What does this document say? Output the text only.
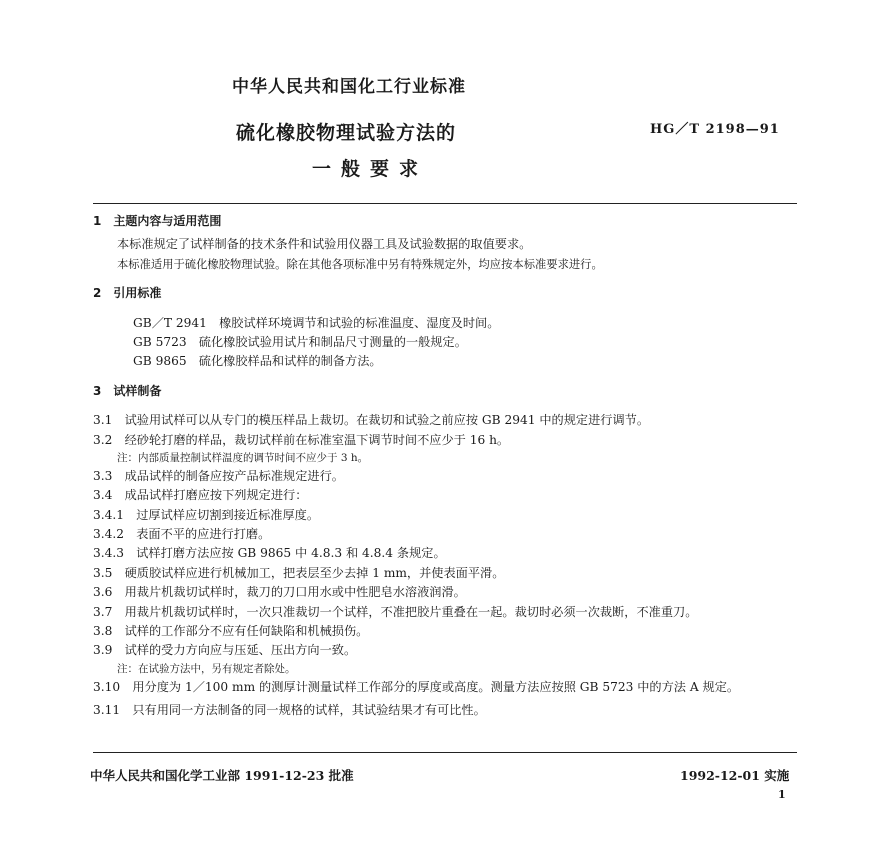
中华人民共和国化工行业标准
硫化橡胶物理试验方法的
一般要求
HG／T 2198—91
1　主题内容与适用范围
本标准规定了试样制备的技术条件和试验用仪器工具及试验数据的取值要求。
本标准适用于硫化橡胶物理试验。除在其他各项标准中另有特殊规定外，均应按本标准要求进行。
2　引用标准
GB／T 2941　橡胶试样环境调节和试验的标准温度、湿度及时间。
GB 5723　硫化橡胶试验用试片和制品尺寸测量的一般规定。
GB 9865　硫化橡胶样品和试样的制备方法。
3　试样制备
3.1　试验用试样可以从专门的模压样品上裁切。在裁切和试验之前应按 GB 2941 中的规定进行调节。
3.2　经砂轮打磨的样品，裁切试样前在标准室温下调节时间不应少于 16 h。
注：内部质量控制试样温度的调节时间不应少于 3 h。
3.3　成品试样的制备应按产品标准规定进行。
3.4　成品试样打磨应按下列规定进行：
3.4.1　过厚试样应切割到接近标准厚度。
3.4.2　表面不平的应进行打磨。
3.4.3　试样打磨方法应按 GB 9865 中 4.8.3 和 4.8.4 条规定。
3.5　硬质胶试样应进行机械加工，把表层至少去掉 1 mm，并使表面平滑。
3.6　用裁片机裁切试样时，裁刀的刀口用水或中性肥皂水溶液润滑。
3.7　用裁片机裁切试样时，一次只准裁切一个试样，不准把胶片重叠在一起。裁切时必须一次裁断，不准重刀。
3.8　试样的工作部分不应有任何缺陷和机械损伤。
3.9　试样的受力方向应与压延、压出方向一致。
注：在试验方法中，另有规定者除处。
3.10　用分度为 1／100 mm 的测厚计测量试样工作部分的厚度或高度。测量方法应按照 GB 5723 中的方法 A 规定。
3.11　只有用同一方法制备的同一规格的试样，其试验结果才有可比性。
中华人民共和国化学工业部 1991-12-23 批准	1992-12-01 实施
1
